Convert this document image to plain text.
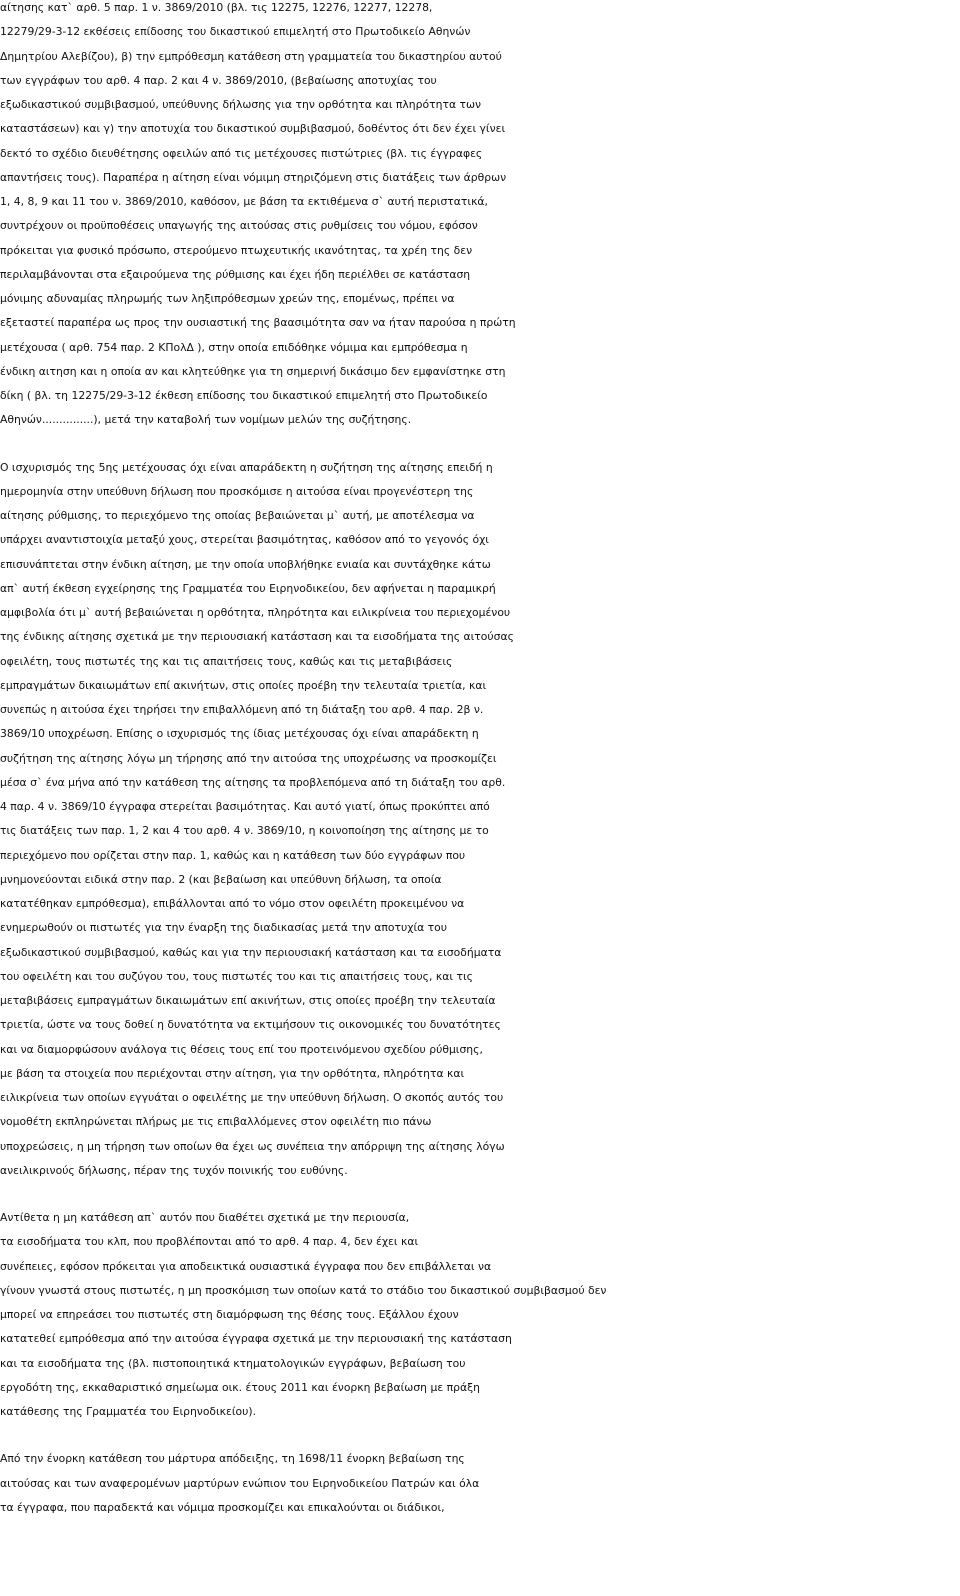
αίτησης κατ` αρθ. 5 παρ. 1 ν. 3869/2010 (βλ. τις 12275, 12276, 12277, 12278,
12279/29-3-12 εκθέσεις επίδοσης του δικαστικού επιμελητή στο Πρωτοδικείο Αθηνών
Δημητρίου Αλεβίζου), β) την εμπρόθεσμη κατάθεση στη γραμματεία του δικαστηρίου αυτού
των εγγράφων του αρθ. 4 παρ. 2 και 4 ν. 3869/2010, (βεβαίωσης αποτυχίας του
εξωδικαστικού συμβιβασμού, υπεύθυνης δήλωσης για την ορθότητα και πληρότητα των
καταστάσεων) και γ) την αποτυχία του δικαστικού συμβιβασμού, δοθέντος ότι δεν έχει γίνει
δεκτό το σχέδιο διευθέτησης οφειλών από τις μετέχουσες πιστώτριες (βλ. τις έγγραφες
απαντήσεις τους). Παραπέρα η αίτηση είναι νόμιμη στηριζόμενη στις διατάξεις των άρθρων
1, 4, 8, 9 και 11 του ν. 3869/2010, καθόσον, με βάση τα εκτιθέμενα σ` αυτή περιστατικά,
συντρέχουν οι προϋποθέσεις υπαγωγής της αιτούσας στις ρυθμίσεις του νόμου, εφόσον
πρόκειται για φυσικό πρόσωπο, στερούμενο πτωχευτικής ικανότητας, τα χρέη της δεν
περιλαμβάνονται στα εξαιρούμενα της ρύθμισης και έχει ήδη περιέλθει σε κατάσταση
μόνιμης αδυναμίας πληρωμής των ληξιπρόθεσμων χρεών της, επομένως, πρέπει να
εξεταστεί παραπέρα ως προς την ουσιαστική της βαασιμότητα σαν να ήταν παρούσα η πρώτη
μετέχουσα ( αρθ. 754 παρ. 2 ΚΠολΔ ), στην οποία επιδόθηκε νόμιμα και εμπρόθεσμα η
ένδικη αιτηση και η οποία αν και κλητεύθηκε για τη σημερινή δικάσιμο δεν εμφανίστηκε στη
δίκη ( βλ. τη 12275/29-3-12 έκθεση επίδοσης του δικαστικού επιμελητή στο Πρωτοδικείο
Αθηνών...............), μετά την καταβολή των νομίμων μελών της συζήτησης.
Ο ισχυρισμός της 5ης μετέχουσας όχι είναι απαράδεκτη η συζήτηση της αίτησης επειδή η
ημερομηνία στην υπεύθυνη δήλωση που προσκόμισε η αιτούσα είναι προγενέστερη της
αίτησης ρύθμισης, το περιεχόμενο της οποίας βεβαιώνεται μ` αυτή, με αποτέλεσμα να
υπάρχει αναντιστοιχία μεταξύ χους, στερείται βασιμότητας, καθόσον από το γεγονός όχι
επισυνάπτεται στην ένδικη αίτηση, με την οποία υποβλήθηκε ενιαία και συντάχθηκε κάτω
απ` αυτή έκθεση εγχείρησης της Γραμματέα του Ειρηνοδικείου, δεν αφήνεται η παραμικρή
αμφιβολία ότι μ` αυτή βεβαιώνεται η ορθότητα, πληρότητα και ειλικρίνεια του περιεχομένου
της ένδικης αίτησης σχετικά με την περιουσιακή κατάσταση και τα εισοδήματα της αιτούσας
οφειλέτη, τους πιστωτές της και τις απαιτήσεις τους, καθώς και τις μεταβιβάσεις
εμπραγμάτων δικαιωμάτων επί ακινήτων, στις οποίες προέβη την τελευταία τριετία, και
συνεπώς η αιτούσα έχει τηρήσει την επιβαλλόμενη από τη διάταξη του αρθ. 4 παρ. 2β ν.
3869/10 υποχρέωση. Επίσης ο ισχυρισμός της ίδιας μετέχουσας όχι είναι απαράδεκτη η
συζήτηση της αίτησης λόγω μη τήρησης από την αιτούσα της υποχρέωσης να προσκομίζει
μέσα σ` ένα μήνα από την κατάθεση της αίτησης τα προβλεπόμενα από τη διάταξη του αρθ.
4 παρ. 4 ν. 3869/10 έγγραφα στερείται βασιμότητας. Και αυτό γιατί, όπως προκύπτει από
τις διατάξεις των παρ. 1, 2 και 4 του αρθ. 4 ν. 3869/10, η κοινοποίηση της αίτησης με το
περιεχόμενο που ορίζεται στην παρ. 1, καθώς και η κατάθεση των δύο εγγράφων που
μνημονεύονται ειδικά στην παρ. 2 (και βεβαίωση και υπεύθυνη δήλωση, τα οποία
κατατέθηκαν εμπρόθεσμα), επιβάλλονται από το νόμο στον οφειλέτη προκειμένου να
ενημερωθούν οι πιστωτές για την έναρξη της διαδικασίας μετά την αποτυχία του
εξωδικαστικού συμβιβασμού, καθώς και για την περιουσιακή κατάσταση και τα εισοδήματα
του οφειλέτη και του συζύγου του, τους πιστωτές του και τις απαιτήσεις τους, και τις
μεταβιβάσεις εμπραγμάτων δικαιωμάτων επί ακινήτων, στις οποίες προέβη την τελευταία
τριετία, ώστε να τους δοθεί η δυνατότητα να εκτιμήσουν τις οικονομικές του δυνατότητες
και να διαμορφώσουν ανάλογα τις θέσεις τους επί του προτεινόμενου σχεδίου ρύθμισης,
με βάση τα στοιχεία που περιέχονται στην αίτηση, για την ορθότητα, πληρότητα και
ειλικρίνεια των οποίων εγγυάται ο οφειλέτης με την υπεύθυνη δήλωση. Ο σκοπός αυτός του
νομοθέτη εκπληρώνεται πλήρως με τις επιβαλλόμενες στον οφειλέτη πιο πάνω
υποχρεώσεις, η μη τήρηση των οποίων θα έχει ως συνέπεια την απόρριψη της αίτησης λόγω
ανειλικρινούς δήλωσης, πέραν της τυχόν ποινικής του ευθύνης.
Αντίθετα η μη κατάθεση απ` αυτόν που διαθέτει σχετικά με την περιουσία,
τα εισοδήματα του κλπ, που προβλέπονται από το αρθ. 4 παρ. 4, δεν έχει και
συνέπειες, εφόσον πρόκειται για αποδεικτικά ουσιαστικά έγγραφα που δεν επιβάλλεται να
γίνουν γνωστά στους πιστωτές, η μη προσκόμιση των οποίων κατά το στάδιο του δικαστικού συμβιβασμού δεν
μπορεί να επηρεάσει του πιστωτές στη διαμόρφωση της θέσης τους. Εξάλλου έχουν
κατατεθεί εμπρόθεσμα από την αιτούσα έγγραφα σχετικά με την περιουσιακή της κατάσταση
και τα εισοδήματα της (βλ. πιστοποιητικά κτηματολογικών εγγράφων, βεβαίωση του
εργοδότη της, εκκαθαριστικό σημείωμα οικ. έτους 2011 και ένορκη βεβαίωση με πράξη
κατάθεσης της Γραμματέα του Ειρηνοδικείου).
Από την ένορκη κατάθεση του μάρτυρα απόδειξης, τη 1698/11 ένορκη βεβαίωση της
αιτούσας και των αναφερομένων μαρτύρων ενώπιον του Ειρηνοδικείου Πατρών και όλα
τα έγγραφα, που παραδεκτά και νόμιμα προσκομίζει και επικαλούνται οι διάδικοι,
